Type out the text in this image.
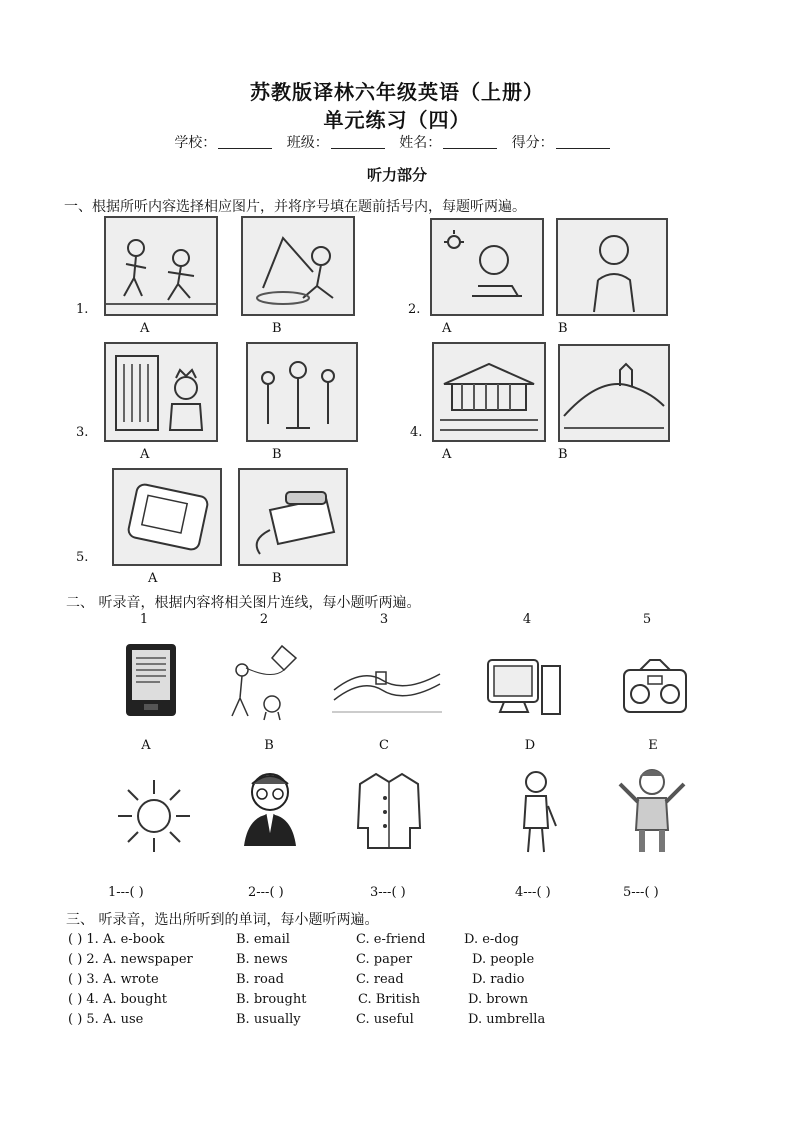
苏教版译林六年级英语（上册）
单元练习（四）
学校：	班级：	姓名：	得分：
听力部分
一、根据所听内容选择相应图片，并将序号填在题前括号内，每题听两遍。
1.
A	B
2.
A	B
3.
A	B
4.
A	B
5.
A	B
二、 听录音，根据内容将相关图片连线，每小题听两遍。
1	2	3	4	5
A	B	C	D	E
1---( )	2---( )	3---( )	4---( )	5---( )
三、 听录音，选出所听到的单词，每小题听两遍。
( ) 1. A. e-book	B. email	C. e-friend	D. e-dog
( ) 2. A. newspaper	B. news	C. paper	D. people
( ) 3. A. wrote	B. road	C. read	D. radio
( ) 4. A. bought	B. brought	C. British	D. brown
( ) 5. A. use	B. usually	C. useful	D. umbrella
